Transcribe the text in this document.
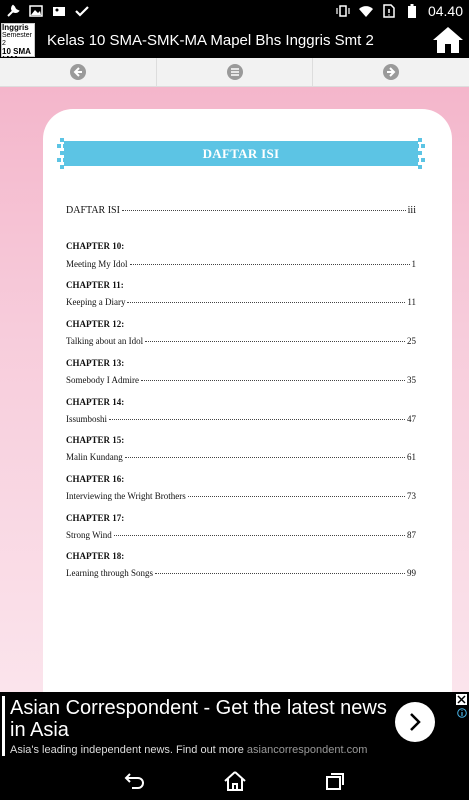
04.40
B. Inggris
Semester 2
10 SMA
Kelas 10 SMA-SMK-MA Mapel Bhs Inggris Smt 2
DAFTAR ISI
DAFTAR ISI	iii
CHAPTER 10:
Meeting My Idol	1
CHAPTER 11:
Keeping a Diary	11
CHAPTER 12:
Talking about an Idol	25
CHAPTER 13:
Somebody I Admire	35
CHAPTER 14:
Issumboshi	47
CHAPTER 15:
Malin Kundang	61
CHAPTER 16:
Interviewing the Wright Brothers	73
CHAPTER 17:
Strong Wind	87
CHAPTER 18:
Learning through Songs	99
Asian Correspondent - Get the latest news in Asia
Asia's leading independent news. Find out more asiancorrespondent.com
